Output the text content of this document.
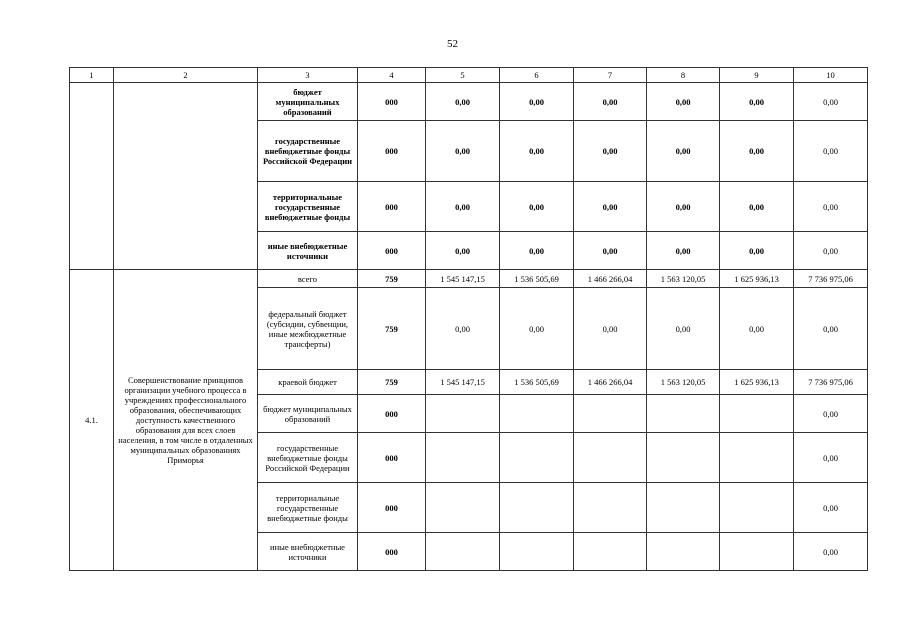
52
1	2	3	4	5	6	7	8	9	10
		бюджет муниципальных образований	000	0,00	0,00	0,00	0,00	0,00	0,00
		государственные внебюджетные фонды Российской Федерации	000	0,00	0,00	0,00	0,00	0,00	0,00
		территориальные государственные внебюджетные фонды	000	0,00	0,00	0,00	0,00	0,00	0,00
		иные внебюджетные источники	000	0,00	0,00	0,00	0,00	0,00	0,00
4.1.	Совершенствование принципов организации учебного процесса в учреждениях профессионального образования, обеспечивающих доступность качественного образования для всех слоев населения, в том числе в отдаленных муниципальных образованиях Приморья	всего	759	1 545 147,15	1 536 505,69	1 466 266,04	1 563 120,05	1 625 936,13	7 736 975,06
		федеральный бюджет (субсидии, субвенции, иные межбюджетные трансферты)	759	0,00	0,00	0,00	0,00	0,00	0,00
		краевой бюджет	759	1 545 147,15	1 536 505,69	1 466 266,04	1 563 120,05	1 625 936,13	7 736 975,06
		бюджет муниципальных образований	000						0,00
		государственные внебюджетные фонды Российской Федерации	000						0,00
		территориальные государственные внебюджетные фонды	000						0,00
		иные внебюджетные источники	000						0,00
